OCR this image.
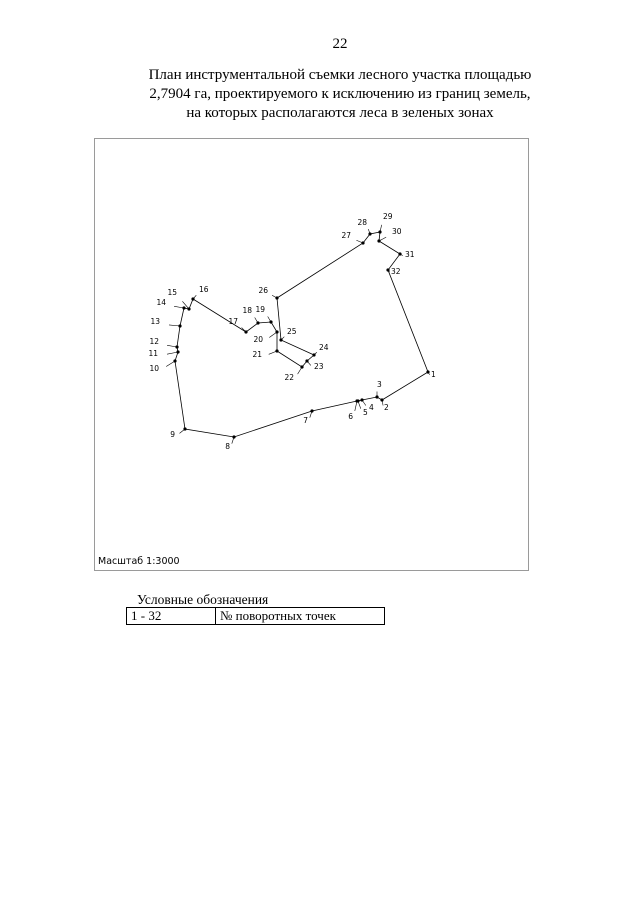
22
План инструментальной съемки лесного участка площадью
2,7904 га, проектируемого к исключению из границ земель,
на которых располагаются леса в зеленых зонах
1
2
3
4
5
6
7
8
9
10
11
12
13
14
15	16
17
18 19
20
21
22
23
24
25
26
27
28
29
30
31
32
Масштаб 1:3000
Условные обозначения
1 - 32	№ поворотных точек
